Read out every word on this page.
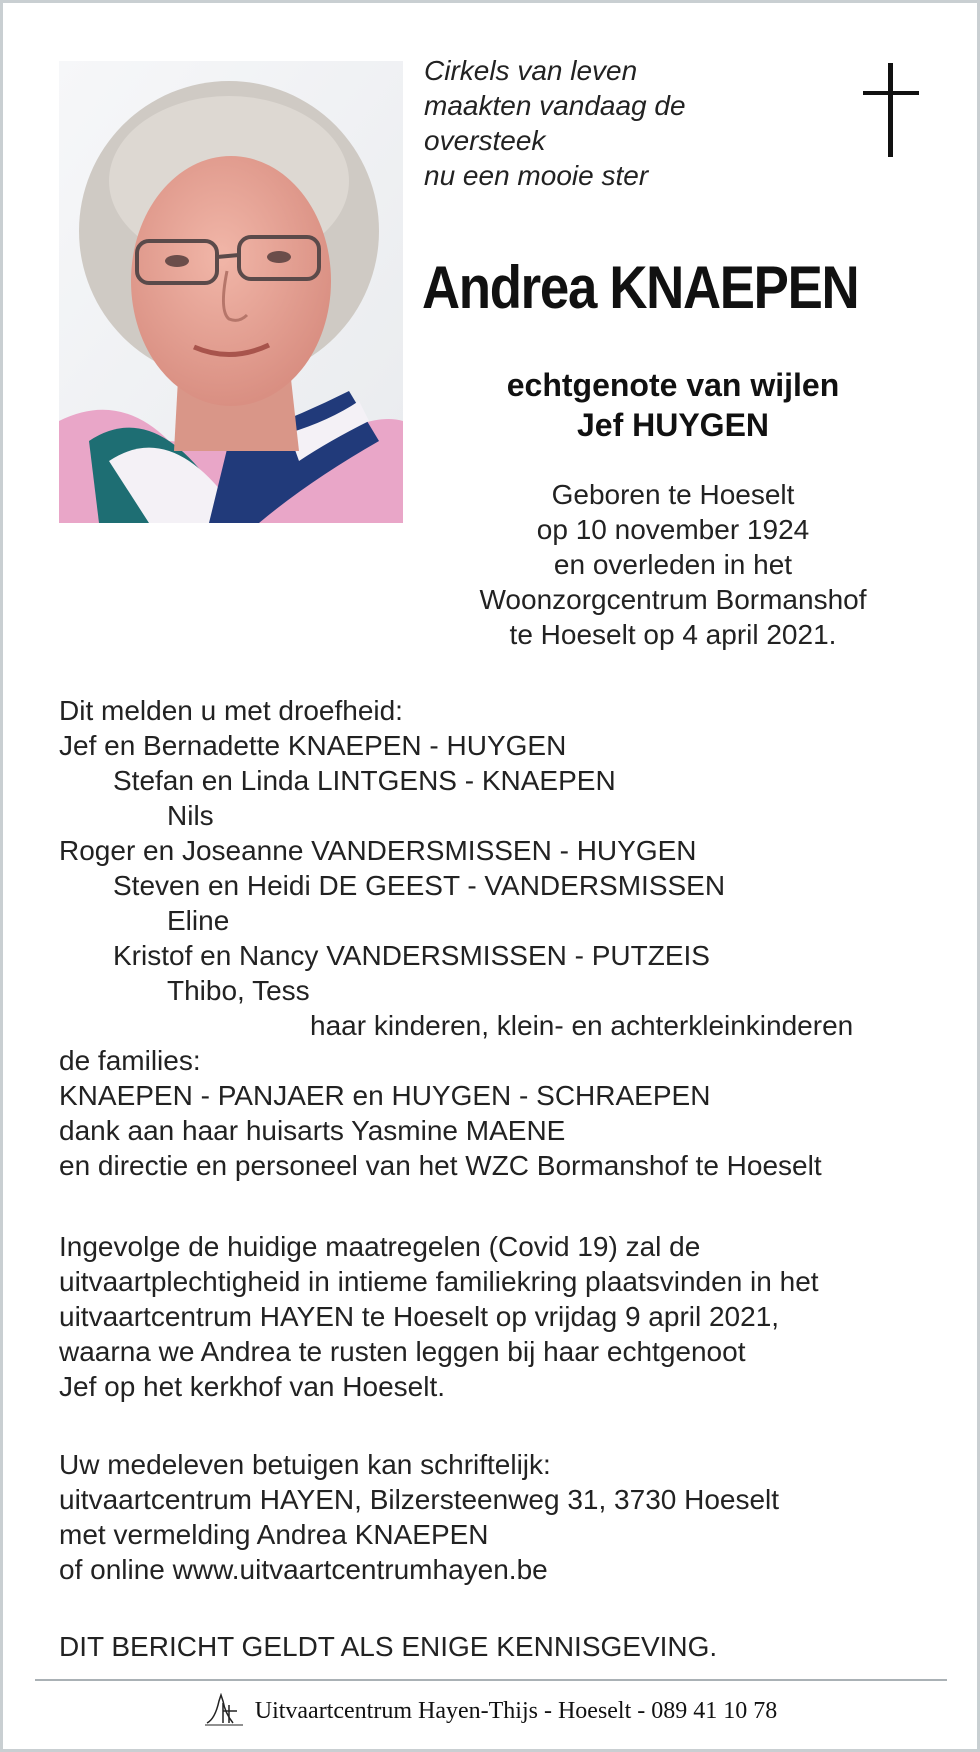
Cirkels van leven
maakten vandaag de
oversteek
nu een mooie ster
Andrea KNAEPEN
echtgenote van wijlen
Jef HUYGEN
Geboren te Hoeselt
op 10 november 1924
en overleden in het
Woonzorgcentrum Bormanshof
te Hoeselt op 4 april 2021.
Dit melden u met droefheid:
Jef en Bernadette KNAEPEN - HUYGEN
Stefan en Linda LINTGENS - KNAEPEN
Nils
Roger en Joseanne VANDERSMISSEN - HUYGEN
Steven en Heidi DE GEEST - VANDERSMISSEN
Eline
Kristof en Nancy VANDERSMISSEN - PUTZEIS
Thibo, Tess
haar kinderen, klein- en achterkleinkinderen
de families:
KNAEPEN - PANJAER en HUYGEN - SCHRAEPEN
dank aan haar huisarts Yasmine MAENE
en directie en personeel van het WZC Bormanshof te Hoeselt
Ingevolge de huidige maatregelen (Covid 19) zal de
uitvaartplechtigheid in intieme familiekring plaatsvinden in het
uitvaartcentrum HAYEN te Hoeselt op vrijdag 9 april 2021,
waarna we Andrea te rusten leggen bij haar echtgenoot
Jef op het kerkhof van Hoeselt.
Uw medeleven betuigen kan schriftelijk:
uitvaartcentrum HAYEN, Bilzersteenweg 31, 3730 Hoeselt
met vermelding Andrea KNAEPEN
of online www.uitvaartcentrumhayen.be
DIT BERICHT GELDT ALS ENIGE KENNISGEVING.
Uitvaartcentrum Hayen-Thijs - Hoeselt - 089 41 10 78
